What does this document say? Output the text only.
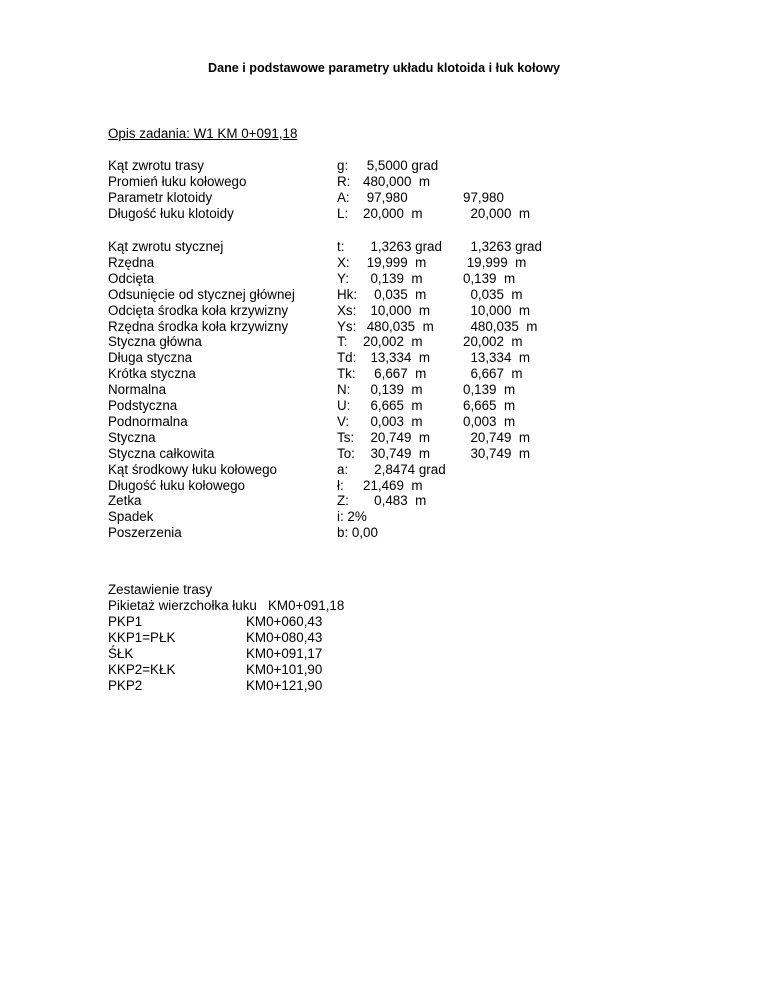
Dane i podstawowe parametry układu klotoida i łuk kołowy
Opis zadania: W1 KM 0+091,18
Kąt zwrotu trasy	g: 5,5000 grad
Promień łuku kołowego	R: 480,000  m
Parametr klotoidy	A: 97,980	97,980
Długość łuku klotoidy	L: 20,000  m	20,000  m
Kąt zwrotu stycznej	t: 1,3263 grad 1,3263 grad
Rzędna	X: 19,999  m	19,999  m
Odcięta	Y: 0,139  m	0,139  m
Odsunięcie od stycznej głównej	Hk: 0,035  m	0,035  m
Odcięta środka koła krzywizny	Xs: 10,000  m 10,000  m
Rzędna środka koła krzywizny	Ys: 480,035  m 480,035  m
Styczna główna	T: 20,002  m	20,002  m
Długa styczna	Td: 13,334  m 13,334  m
Krótka styczna	Tk: 6,667  m	6,667  m
Normalna	N: 0,139  m	0,139  m
Podstyczna	U: 6,665  m	6,665  m
Podnormalna	V: 0,003  m	0,003  m
Styczna	Ts: 20,749  m 20,749  m
Styczna całkowita	To: 30,749  m 30,749  m
Kąt środkowy łuku kołowego	a: 2,8474 grad
Długość łuku kołowego	ł: 21,469  m
Zetka	Z: 0,483  m
Spadek	i: 2%
Poszerzenia	b: 0,00
Zestawienie trasy
Pikietaż wierzchołka łuku KM0+091,18
PKP1	KM0+060,43
KKP1=PŁK	KM0+080,43
ŚŁK	KM0+091,17
KKP2=KŁK	KM0+101,90
PKP2	KM0+121,90
